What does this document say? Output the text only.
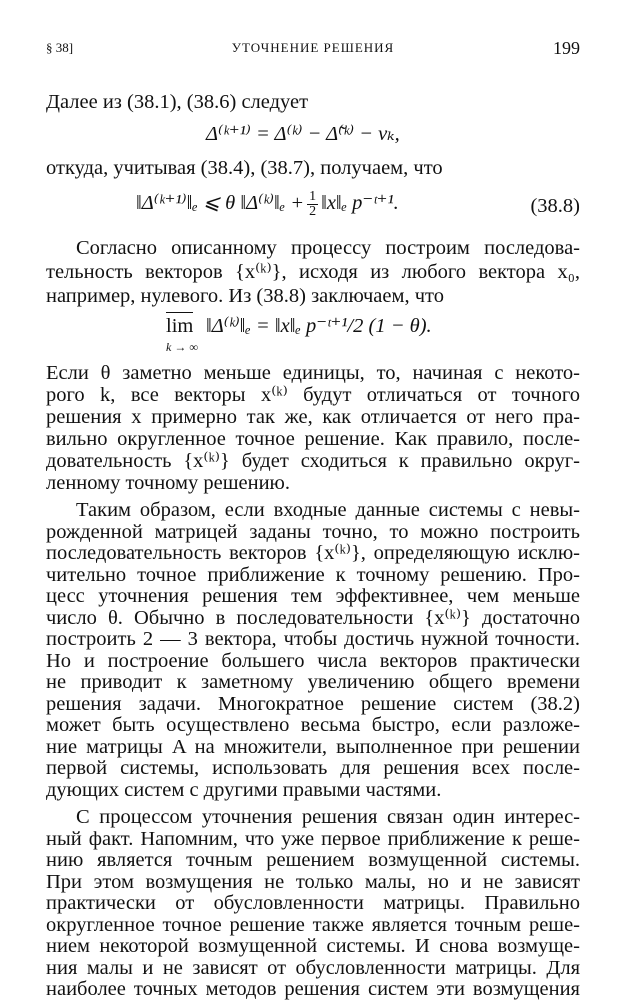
§ 38]	УТОЧНЕНИЕ РЕШЕНИЯ	199
Далее из (38.1), (38.6) следует
Δ⁽ᵏ⁺¹⁾ = Δ⁽ᵏ⁾ − Δ̃⁽ᵏ⁾ − νₖ,
откуда, учитывая (38.4), (38.7), получаем, что
‖Δ⁽ᵏ⁺¹⁾‖ₑ ⩽ θ ‖Δ⁽ᵏ⁾‖ₑ + $\frac{1}{2}$ ‖x‖ₑ p⁻ᵗ⁺¹.	(38.8)
Согласно описанному процессу построим последова-
тельность векторов {x⁽ᵏ⁾}, исходя из любого вектора x₀,
например, нулевого. Из (38.8) заключаем, что
lim
k → ∞
‖Δ⁽ᵏ⁾‖ₑ = ‖x‖ₑ p⁻ᵗ⁺¹/2 (1 − θ).
Если θ заметно меньше единицы, то, начиная с некото-
рого k, все векторы x⁽ᵏ⁾ будут отличаться от точного
решения x примерно так же, как отличается от него пра-
вильно округленное точное решение. Как правило, после-
довательность {x⁽ᵏ⁾} будет сходиться к правильно округ-
ленному точному решению.
Таким образом, если входные данные системы с невы-
рожденной матрицей заданы точно, то можно построить
последовательность векторов {x⁽ᵏ⁾}, определяющую исклю-
чительно точное приближение к точному решению. Про-
цесс уточнения решения тем эффективнее, чем меньше
число θ. Обычно в последовательности {x⁽ᵏ⁾} достаточно
построить 2 — 3 вектора, чтобы достичь нужной точности.
Но и построение большего числа векторов практически
не приводит к заметному увеличению общего времени
решения задачи. Многократное решение систем (38.2)
может быть осуществлено весьма быстро, если разложе-
ние матрицы A на множители, выполненное при решении
первой системы, использовать для решения всех после-
дующих систем с другими правыми частями.
С процессом уточнения решения связан один интерес-
ный факт. Напомним, что уже первое приближение к реше-
нию является точным решением возмущенной системы.
При этом возмущения не только малы, но и не зависят
практически от обусловленности матрицы. Правильно
округленное точное решение также является точным реше-
нием некоторой возмущенной системы. И снова возмуще-
ния малы и не зависят от обусловленности матрицы. Для
наиболее точных методов решения систем эти возмущения
